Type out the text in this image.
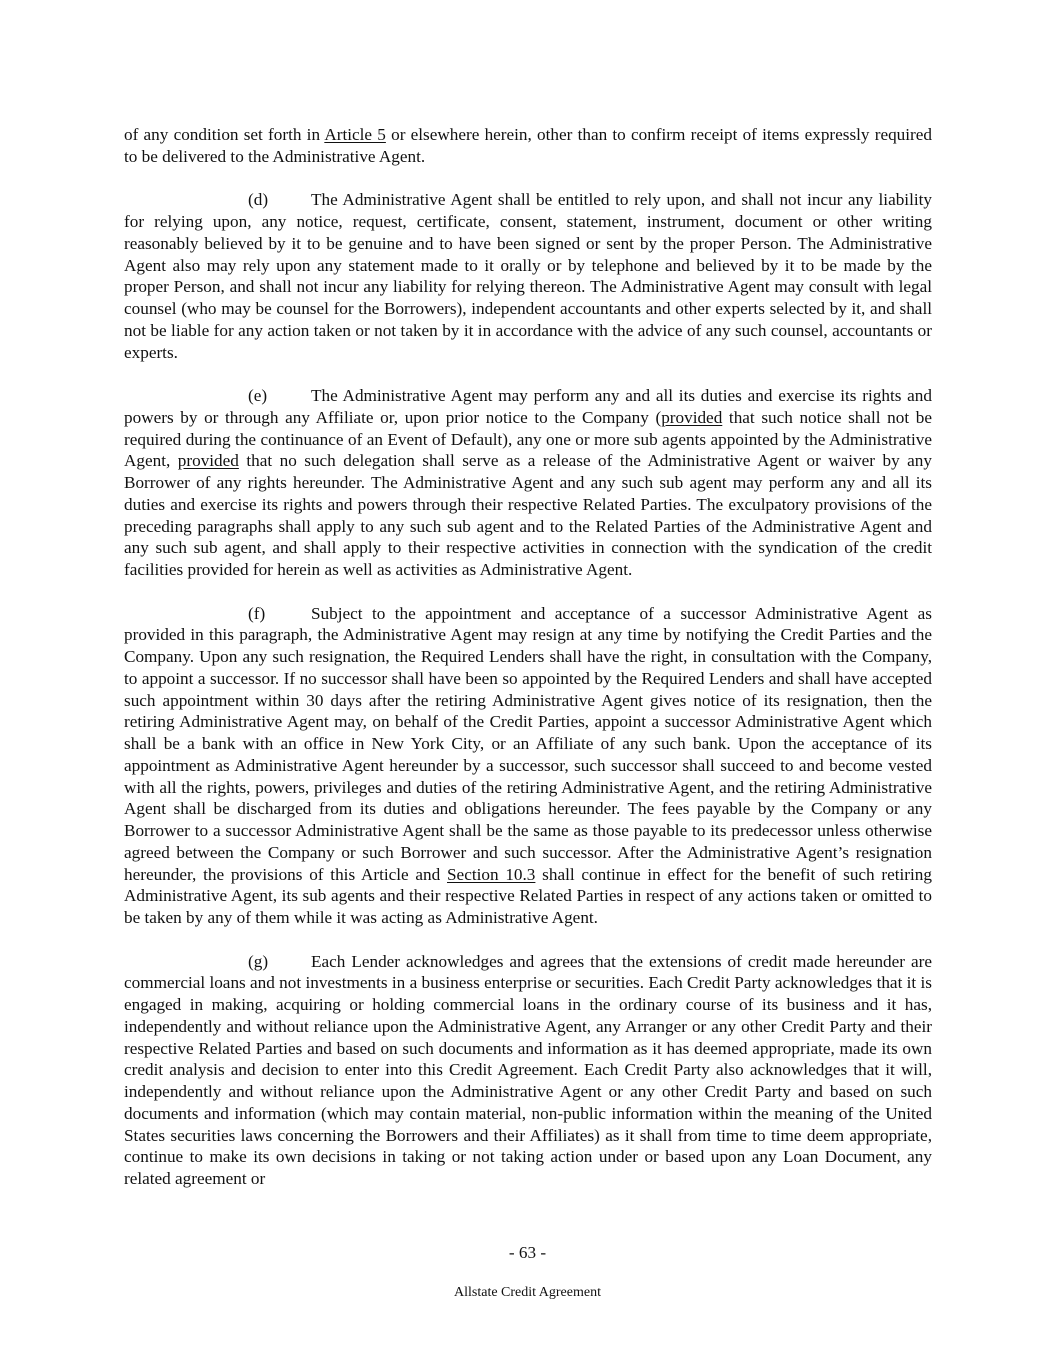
of any condition set forth in Article 5 or elsewhere herein, other than to confirm receipt of items expressly required to be delivered to the Administrative Agent.

(d) The Administrative Agent shall be entitled to rely upon, and shall not incur any liability for relying upon, any notice, request, certificate, consent, statement, instrument, document or other writing reasonably believed by it to be genuine and to have been signed or sent by the proper Person. The Administrative Agent also may rely upon any statement made to it orally or by telephone and believed by it to be made by the proper Person, and shall not incur any liability for relying thereon. The Administrative Agent may consult with legal counsel (who may be counsel for the Borrowers), independent accountants and other experts selected by it, and shall not be liable for any action taken or not taken by it in accordance with the advice of any such counsel, accountants or experts.

(e)	The Administrative Agent may perform any and all its duties and exercise its rights and powers by or through any Affiliate or, upon prior notice to the Company (provided that such notice shall not be required during the continuance of an Event of Default), any one or more sub agents appointed by the Administrative Agent, provided that no such delegation shall serve as a release of the Administrative Agent or waiver by any Borrower of any rights hereunder. The Administrative Agent and any such sub agent may perform any and all its duties and exercise its rights and powers through their respective Related Parties. The exculpatory provisions of the preceding paragraphs shall apply to any such sub agent and to the Related Parties of the Administrative Agent and any such sub agent, and shall apply to their respective activities in connection with the syndication of the credit facilities provided for herein as well as activities as Administrative Agent.

(f)	Subject to the appointment and acceptance of a successor Administrative Agent as provided in this paragraph, the Administrative Agent may resign at any time by notifying the Credit Parties and the Company. Upon any such resignation, the Required Lenders shall have the right, in consultation with the Company, to appoint a successor. If no successor shall have been so appointed by the Required Lenders and shall have accepted such appointment within 30 days after the retiring Administrative Agent gives notice of its resignation, then the retiring Administrative Agent may, on behalf of the Credit Parties, appoint a successor Administrative Agent which shall be a bank with an office in New York City, or an Affiliate of any such bank. Upon the acceptance of its appointment as Administrative Agent hereunder by a successor, such successor shall succeed to and become vested with all the rights, powers, privileges and duties of the retiring Administrative Agent, and the retiring Administrative Agent shall be discharged from its duties and obligations hereunder. The fees payable by the Company or any Borrower to a successor Administrative Agent shall be the same as those payable to its predecessor unless otherwise agreed between the Company or such Borrower and such successor. After the Administrative Agent’s resignation hereunder, the provisions of this Article and Section 10.3 shall continue in effect for the benefit of such retiring Administrative Agent, its sub agents and their respective Related Parties in respect of any actions taken or omitted to be taken by any of them while it was acting as Administrative Agent.

(g) Each Lender acknowledges and agrees that the extensions of credit made hereunder are commercial loans and not investments in a business enterprise or securities. Each Credit Party acknowledges that it is engaged in making, acquiring or holding commercial loans in the ordinary course of its business and it has, independently and without reliance upon the Administrative Agent, any Arranger or any other Credit Party and their respective Related Parties and based on such documents and information as it has deemed appropriate, made its own credit analysis and decision to enter into this Credit Agreement. Each Credit Party also acknowledges that it will, independently and without reliance upon the Administrative Agent or any other Credit Party and based on such documents and information (which may contain material, non-public information within the meaning of the United States securities laws concerning the Borrowers and their Affiliates) as it shall from time to time deem appropriate, continue to make its own decisions in taking or not taking action under or based upon any Loan Document, any related agreement or

- 63 -
Allstate Credit Agreement
